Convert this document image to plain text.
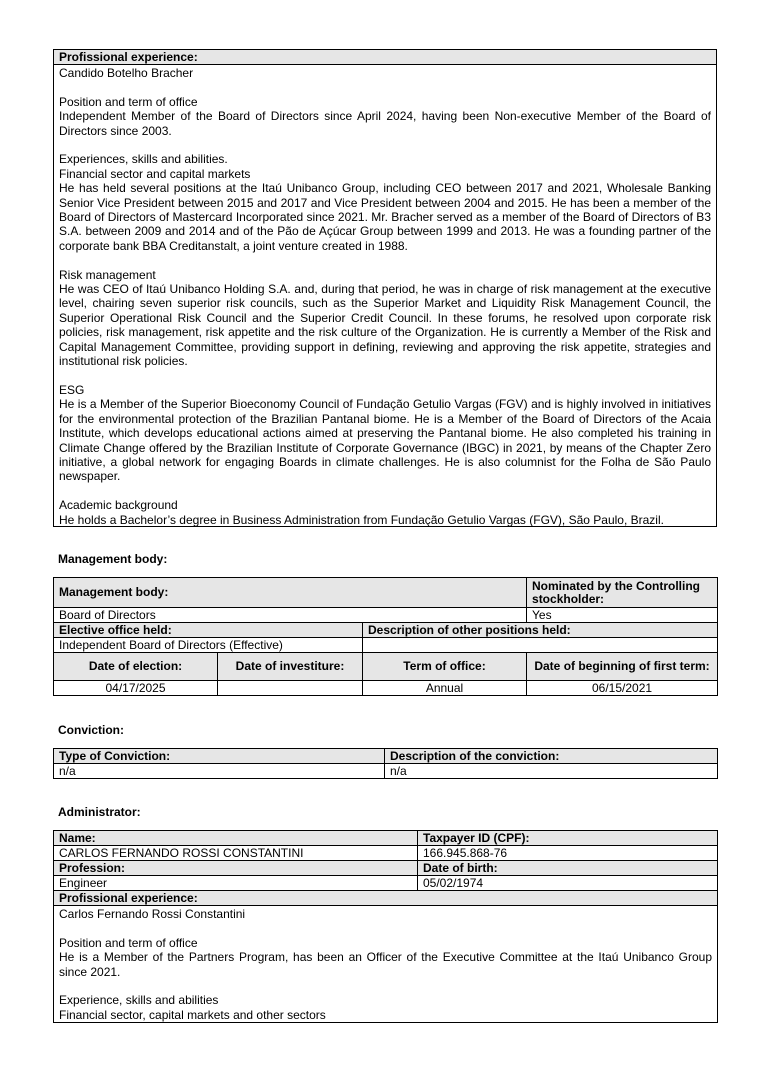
Profissional experience:

Candido Botelho Bracher

Position and term of office

Independent Member of the Board of Directors since April 2024, having been Non-executive Member of the Board of Directors since 2003.

Experiences, skills and abilities.

Financial sector and capital markets

He has held several positions at the Itaú Unibanco Group, including CEO between 2017 and 2021, Wholesale Banking Senior Vice President between 2015 and 2017 and Vice President between 2004 and 2015. He has been a member of the Board of Directors of Mastercard Incorporated since 2021. Mr. Bracher served as a member of the Board of Directors of B3 S.A. between 2009 and 2014 and of the Pão de Açúcar Group between 1999 and 2013. He was a founding partner of the corporate bank BBA Creditanstalt, a joint venture created in 1988.

Risk management

He was CEO of Itaú Unibanco Holding S.A. and, during that period, he was in charge of risk management at the executive level, chairing seven superior risk councils, such as the Superior Market and Liquidity Risk Management Council, the Superior Operational Risk Council and the Superior Credit Council. In these forums, he resolved upon corporate risk policies, risk management, risk appetite and the risk culture of the Organization. He is currently a Member of the Risk and Capital Management Committee, providing support in defining, reviewing and approving the risk appetite, strategies and institutional risk policies.

ESG

He is a Member of the Superior Bioeconomy Council of Fundação Getulio Vargas (FGV) and is highly involved in initiatives for the environmental protection of the Brazilian Pantanal biome. He is a Member of the Board of Directors of the Acaia Institute, which develops educational actions aimed at preserving the Pantanal biome. He also completed his training in Climate Change offered by the Brazilian Institute of Corporate Governance (IBGC) in 2021, by means of the Chapter Zero initiative, a global network for engaging Boards in climate challenges. He is also columnist for the Folha de São Paulo newspaper.

Academic background

He holds a Bachelor’s degree in Business Administration from Fundação Getulio Vargas (FGV), São Paulo, Brazil.

Management body:
Management body:			Nominated by the Controlling stockholder:
Board of Directors			Yes
Elective office held:		Description of other positions held:	
Independent Board of Directors (Effective)			
Date of election:	Date of investiture:	Term of office:	Date of beginning of first term:
04/17/2025		Annual	06/15/2021
Conviction:
Type of Conviction:	Description of the conviction:
n/a	n/a
Administrator:
Name:	Taxpayer ID (CPF):
CARLOS FERNANDO ROSSI CONSTANTINI	166.945.868-76
Profession:	Date of birth:
Engineer	05/02/1974
Profissional experience:	

Carlos Fernando Rossi Constantini

Position and term of office

He is a Member of the Partners Program, has been an Officer of the Executive Committee at the Itaú Unibanco Group since 2021.

Experience, skills and abilities

Financial sector, capital markets and other sectors	
